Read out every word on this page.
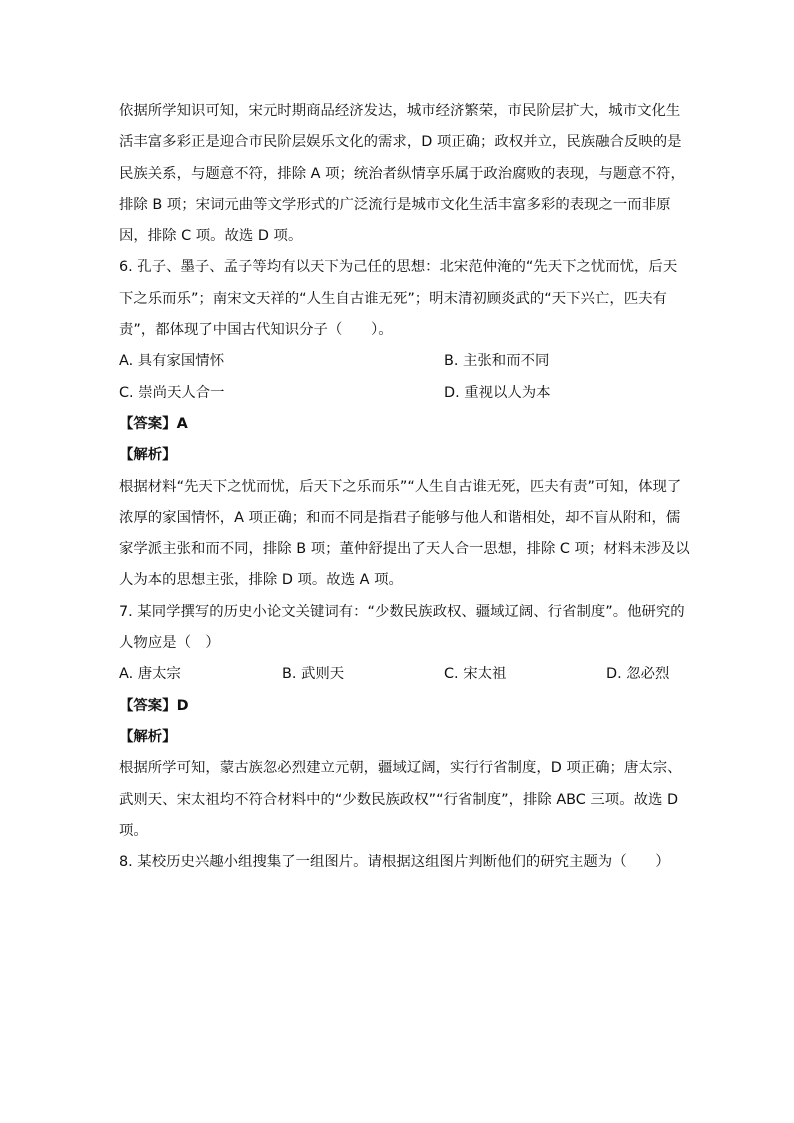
依据所学知识可知，宋元时期商品经济发达，城市经济繁荣，市民阶层扩大，城市文化生
活丰富多彩正是迎合市民阶层娱乐文化的需求，D 项正确；政权并立，民族融合反映的是
民族关系，与题意不符，排除 A 项；统治者纵情享乐属于政治腐败的表现，与题意不符，
排除 B 项；宋词元曲等文学形式的广泛流行是城市文化生活丰富多彩的表现之一而非原
因，排除 C 项。故选 D 项。
6. 孔子、墨子、孟子等均有以天下为己任的思想：北宋范仲淹的“先天下之忧而忧，后天
下之乐而乐”；南宋文天祥的“人生自古谁无死”；明末清初顾炎武的“天下兴亡，匹夫有
责”，都体现了中国古代知识分子（　　）。
A. 具有家国情怀	B. 主张和而不同
C. 崇尚天人合一	D. 重视以人为本
【答案】A
【解析】
根据材料“先天下之忧而忧，后天下之乐而乐”“人生自古谁无死，匹夫有责”可知，体现了
浓厚的家国情怀，A 项正确；和而不同是指君子能够与他人和谐相处，却不盲从附和，儒
家学派主张和而不同，排除 B 项；董仲舒提出了天人合一思想，排除 C 项；材料未涉及以
人为本的思想主张，排除 D 项。故选 A 项。
7. 某同学撰写的历史小论文关键词有：“少数民族政权、疆域辽阔、行省制度”。他研究的
人物应是（　）
A. 唐太宗	B. 武则天	C. 宋太祖	D. 忽必烈
【答案】D
【解析】
根据所学可知，蒙古族忽必烈建立元朝，疆域辽阔，实行行省制度，D 项正确；唐太宗、
武则天、宋太祖均不符合材料中的“少数民族政权”“行省制度”，排除 ABC 三项。故选 D
项。
8. 某校历史兴趣小组搜集了一组图片。请根据这组图片判断他们的研究主题为（　　）
